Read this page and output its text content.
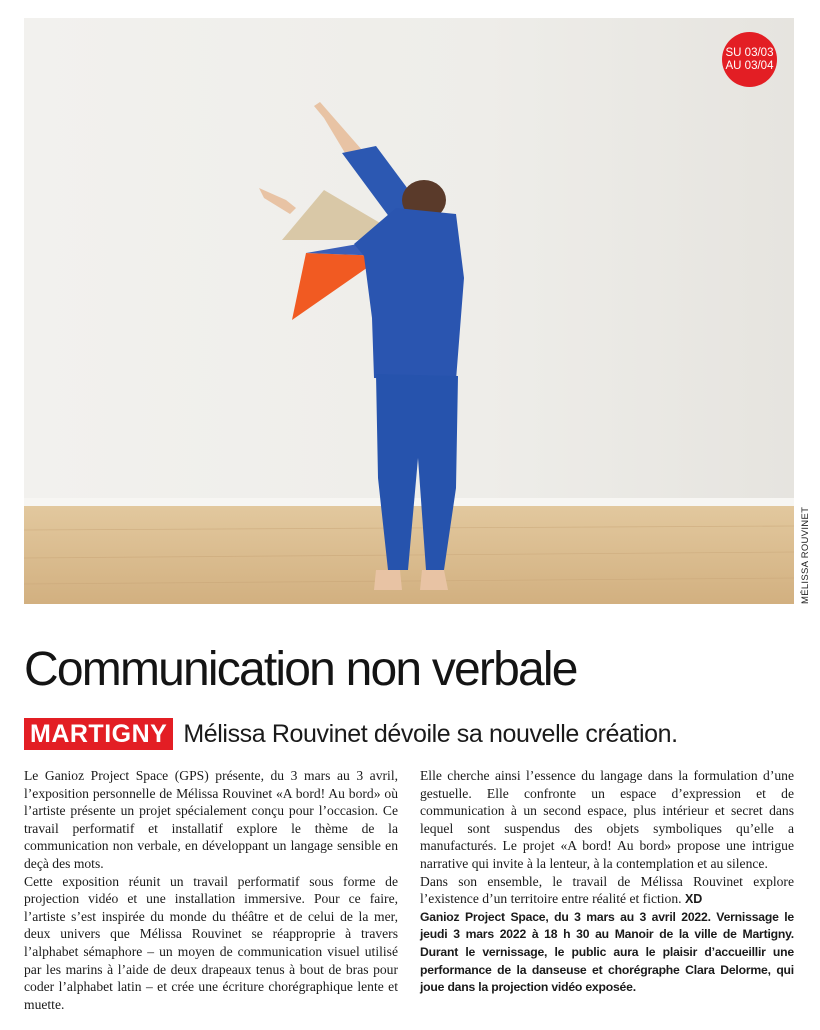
SU 03/03
AU 03/04
MÉLISSA ROUVINET
Communication non verbale
MARTIGNY Mélissa Rouvinet dévoile sa nouvelle création.

Le Ganioz Project Space (GPS) présente, du 3 mars au 3 avril, l’exposition personnelle de Mélissa Rouvinet «A bord! Au bord» où l’artiste présente un projet spécialement conçu pour l’occasion. Ce travail performatif et installatif explore le thème de la communication non verbale, en développant un langage sensible en deçà des mots.

Cette exposition réunit un travail performatif sous forme de projection vidéo et une installation immersive. Pour ce faire, l’artiste s’est inspirée du monde du théâtre et de celui de la mer, deux univers que Mélissa Rouvinet se réapproprie à travers l’alphabet sémaphore – un moyen de communication visuel utilisé par les marins à l’aide de deux drapeaux tenus à bout de bras pour coder l’alphabet latin – et crée une écriture chorégraphique lente et muette.

Elle cherche ainsi l’essence du langage dans la formulation d’une gestuelle. Elle confronte un espace d’expression et de communication à un second espace, plus intérieur et secret dans lequel sont suspendus des objets symboliques qu’elle a manufacturés. Le projet «A bord! Au bord» propose une intrigue narrative qui invite à la lenteur, à la contemplation et au silence.

Dans son ensemble, le travail de Mélissa Rouvinet explore l’existence d’un territoire entre réalité et fiction. XD

Ganioz Project Space, du 3 mars au 3 avril 2022. Vernissage le jeudi 3 mars 2022 à 18 h 30 au Manoir de la ville de Martigny. Durant le vernissage, le public aura le plaisir d’accueillir une performance de la danseuse et chorégraphe Clara Delorme, qui joue dans la projection vidéo exposée.
